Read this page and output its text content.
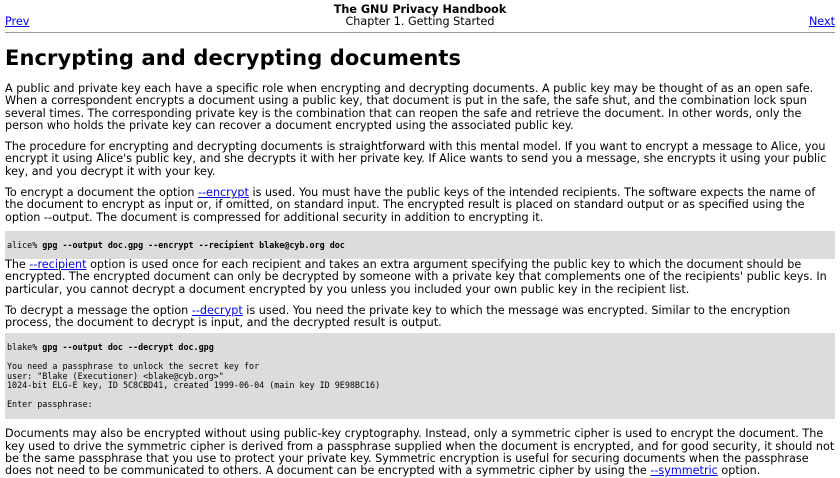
The GNU Privacy Handbook
Chapter 1. Getting Started
Prev	Next
Encrypting and decrypting documents

A public and private key each have a specific role when encrypting and decrypting documents. A public key may be thought of as an open safe. When a correspondent encrypts a document using a public key, that document is put in the safe, the safe shut, and the combination lock spun several times. The corresponding private key is the combination that can reopen the safe and retrieve the document. In other words, only the person who holds the private key can recover a document encrypted using the associated public key.

The procedure for encrypting and decrypting documents is straightforward with this mental model. If you want to encrypt a message to Alice, you encrypt it using Alice's public key, and she decrypts it with her private key. If Alice wants to send you a message, she encrypts it using your public key, and you decrypt it with your key.

To encrypt a document the option --encrypt is used. You must have the public keys of the intended recipients. The software expects the name of the document to encrypt as input or, if omitted, on standard input. The encrypted result is placed on standard output or as specified using the option --output. The document is compressed for additional security in addition to encrypting it.

alice% gpg --output doc.gpg --encrypt --recipient blake@cyb.org doc

The --recipient option is used once for each recipient and takes an extra argument specifying the public key to which the document should be encrypted. The encrypted document can only be decrypted by someone with a private key that complements one of the recipients' public keys. In particular, you cannot decrypt a document encrypted by you unless you included your own public key in the recipient list.

To decrypt a message the option --decrypt is used. You need the private key to which the message was encrypted. Similar to the encryption process, the document to decrypt is input, and the decrypted result is output.

blake% gpg --output doc --decrypt doc.gpg

You need a passphrase to unlock the secret key for
user: "Blake (Executioner) <blake@cyb.org>"
1024-bit ELG-E key, ID 5C8CBD41, created 1999-06-04 (main key ID 9E98BC16)

Enter passphrase:

Documents may also be encrypted without using public-key cryptography. Instead, only a symmetric cipher is used to encrypt the document. The key used to drive the symmetric cipher is derived from a passphrase supplied when the document is encrypted, and for good security, it should not be the same passphrase that you use to protect your private key. Symmetric encryption is useful for securing documents when the passphrase does not need to be communicated to others. A document can be encrypted with a symmetric cipher by using the --symmetric option.
